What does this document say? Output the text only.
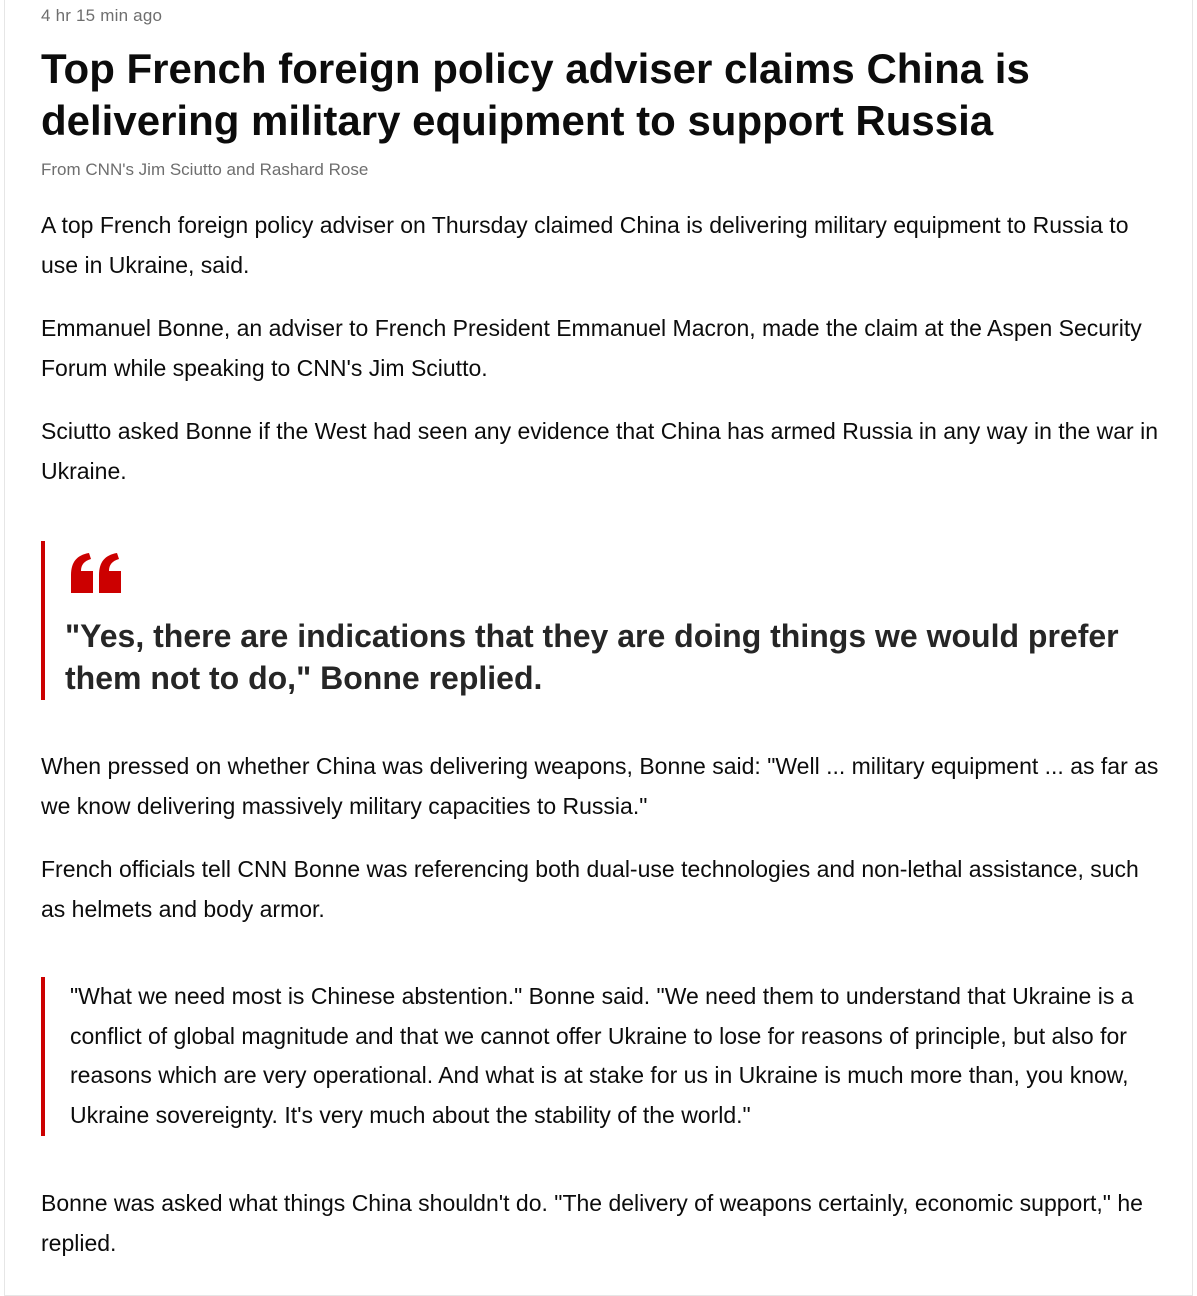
4 hr 15 min ago
Top French foreign policy adviser claims China is delivering military equipment to support Russia
From CNN's Jim Sciutto and Rashard Rose

A top French foreign policy adviser on Thursday claimed China is delivering military equipment to Russia to use in Ukraine, said.

Emmanuel Bonne, an adviser to French President Emmanuel Macron, made the claim at the Aspen Security Forum while speaking to CNN's Jim Sciutto.

Sciutto asked Bonne if the West had seen any evidence that China has armed Russia in any way in the war in Ukraine.

"Yes, there are indications that they are doing things we would prefer them not to do," Bonne replied.

When pressed on whether China was delivering weapons, Bonne said: "Well ... military equipment ... as far as we know delivering massively military capacities to Russia."

French officials tell CNN Bonne was referencing both dual-use technologies and non-lethal assistance, such as helmets and body armor.

"What we need most is Chinese abstention." Bonne said. "We need them to understand that Ukraine is a conflict of global magnitude and that we cannot offer Ukraine to lose for reasons of principle, but also for reasons which are very operational. And what is at stake for us in Ukraine is much more than, you know, Ukraine sovereignty. It's very much about the stability of the world."

Bonne was asked what things China shouldn't do. "The delivery of weapons certainly, economic support," he replied.
